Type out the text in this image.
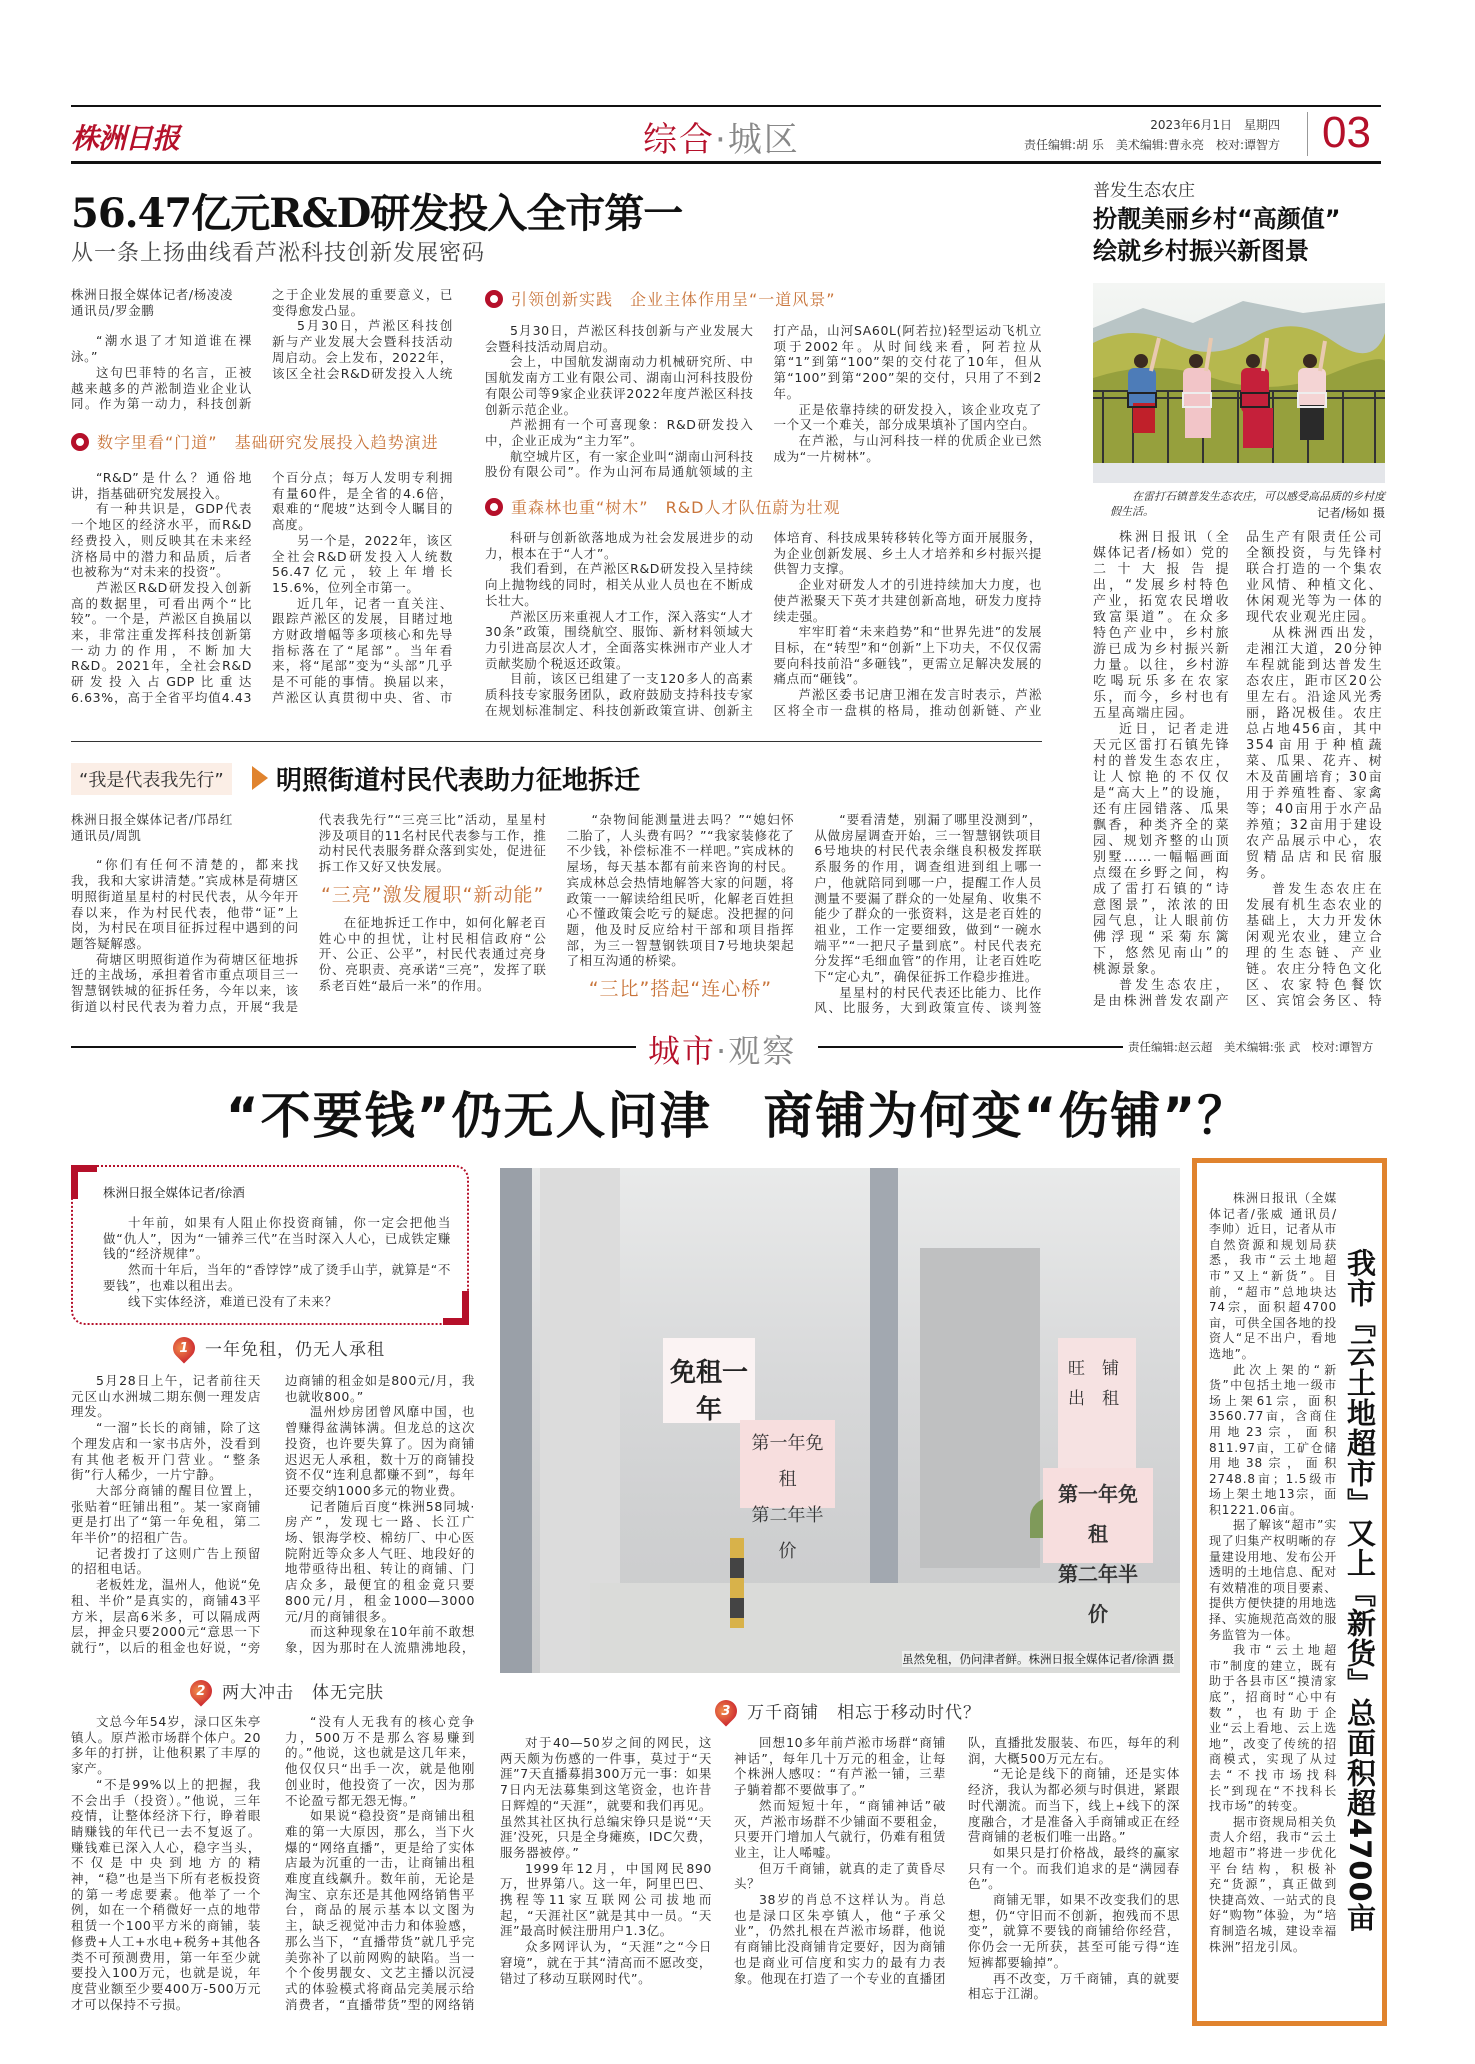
株洲日报	综合·城区	2023年6月1日　星期四
责任编辑:胡 乐　美术编辑:曹永亮　校对:谭智方 03
56.47亿元R&D研发投入全市第一
从一条上扬曲线看芦淞科技创新发展密码

株洲日报全媒体记者/杨凌凌

通讯员/罗金鹏

“潮水退了才知道谁在裸泳。”

这句巴菲特的名言，正被越来越多的芦淞制造业企业认同。作为第一动力，科技创新之于企业发展的重要意义，已变得愈发凸显。

5月30日，芦淞区科技创新与产业发展大会暨科技活动周启动。会上发布，2022年，该区全社会R&D研发投入人统

数字里看“门道”　基础研究发展投入趋势演进

“R&D”是什么？通俗地讲，指基础研究发展投入。

有一种共识是，GDP代表一个地区的经济水平，而R&D经费投入，则反映其在未来经济格局中的潜力和品质，后者也被称为“对未来的投资”。

芦淞区R&D研发投入创新高的数据里，可看出两个“比较”。一个是，芦淞区自换届以来，非常注重发挥科技创新第一动力的作用，不断加大R&D。2021年，全社会R&D研发投入占GDP比重达6.63%，高于全省平均值4.43个百分点；每万人发明专利拥有量60件，是全省的4.6倍，艰难的“爬坡”达到令人瞩目的高度。

另一个是，2022年，该区全社会R&D研发投入人统数56.47亿元，较上年增长15.6%，位列全市第一。

近几年，记者一直关注、跟踪芦淞区的发展，目睹过地方财政增幅等多项核心和先导指标落在了“尾部”。当年看来，将“尾部”变为“头部”几乎是不可能的事情。换届以来，芦淞区认真贯彻中央、省、市

引领创新实践　企业主体作用呈“一道风景”

5月30日，芦淞区科技创新与产业发展大会暨科技活动周启动。

会上，中国航发湖南动力机械研究所、中国航发南方工业有限公司、湖南山河科技股份有限公司等9家企业获评2022年度芦淞区科技创新示范企业。

芦淞拥有一个可喜现象：R&D研发投入中，企业正成为“主力军”。

航空城片区，有一家企业叫“湖南山河科技股份有限公司”。作为山河布局通航领域的主打产品，山河SA60L(阿若拉)轻型运动飞机立项于2002年。从时间线来看，阿若拉从第“1”到第“100”架的交付花了10年，但从第“100”到第“200”架的交付，只用了不到2年。

正是依靠持续的研发投入，该企业攻克了一个又一个难关，部分成果填补了国内空白。

在芦淞，与山河科技一样的优质企业已然成为“一片树林”。

重森林也重“树木”　R&D人才队伍蔚为壮观

科研与创新欲落地成为社会发展进步的动力，根本在于“人才”。

我们看到，在芦淞区R&D研发投入呈持续向上抛物线的同时，相关从业人员也在不断成长壮大。

芦淞区历来重视人才工作，深入落实“人才30条”政策，围绕航空、服饰、新材料领域大力引进高层次人才，全面落实株洲市产业人才贡献奖励个税返还政策。

目前，该区已组建了一支120多人的高素质科技专家服务团队，政府鼓励支持科技专家在规划标准制定、科技创新政策宣讲、创新主体培育、科技成果转移转化等方面开展服务，为企业创新发展、乡土人才培养和乡村振兴提供智力支撑。

企业对研发人才的引进持续加大力度，也使芦淞聚天下英才共建创新高地，研发力度持续走强。

牢牢盯着“未来趋势”和“世界先进”的发展目标，在“转型”和“创新”上下功夫，不仅仅需要向科技前沿“多砸钱”，更需立足解决发展的痛点而“砸钱”。

芦淞区委书记唐卫湘在发言时表示，芦淞区将全市一盘棋的格局，推动创新链、产业

普发生态农庄
扮靓美丽乡村“高颜值”
绘就乡村振兴新图景
在雷打石镇普发生态农庄，可以感受高品质的乡村度假生活。	记者/杨如 摄

株洲日报讯（全媒体记者/杨如）党的二十大报告提出，“发展乡村特色产业，拓宽农民增收致富渠道”。在众多特色产业中，乡村旅游已成为乡村振兴新力量。以往，乡村游吃喝玩乐多在农家乐，而今，乡村也有五星高端庄园。

近日，记者走进天元区雷打石镇先锋村的普发生态农庄，让人惊艳的不仅仅是“高大上”的设施，还有庄园错落、瓜果飘香，种类齐全的菜园、规划齐整的山顶别墅……一幅幅画面点缀在乡野之间，构成了雷打石镇的“诗意图景”，浓浓的田园气息，让人眼前仿佛浮现“采菊东篱下，悠然见南山”的桃源景象。

普发生态农庄，是由株洲普发农副产品生产有限责任公司全额投资，与先锋村联合打造的一个集农业风情、种植文化、休闲观光等为一体的现代农业观光庄园。

从株洲西出发，走湘江大道，20分钟车程就能到达普发生态农庄，距市区20公里左右。沿途风光秀丽，路况极佳。农庄总占地456亩，其中354亩用于种植蔬菜、瓜果、花卉、树木及苗圃培育；30亩用于养殖牲畜、家禽等；40亩用于水产品养殖；32亩用于建设农产品展示中心，农贸精品店和民宿服务。

普发生态农庄在发展有机生态农业的基础上，大力开发休闲观光农业，建立合理的生态链、产业链。农庄分特色文化区、农家特色餐饮区、宾馆会务区、特

“我是代表我先行”	明照街道村民代表助力征地拆迁

株洲日报全媒体记者/邝昂红

通讯员/周凯

“你们有任何不清楚的，都来找我，我和大家讲清楚。”宾成林是荷塘区明照街道星星村的村民代表，从今年开春以来，作为村民代表，他带“证”上岗，为村民在项目征拆过程中遇到的问题答疑解惑。

荷塘区明照街道作为荷塘区征地拆迁的主战场，承担着省市重点项目三一智慧钢铁城的征拆任务，今年以来，该街道以村民代表为着力点，开展“我是代表我先行”“三亮三比”活动，星星村涉及项目的11名村民代表参与工作，推动村民代表服务群众落到实处，促进征拆工作又好又快发展。

“三亮”激发履职“新动能”

在征地拆迁工作中，如何化解老百姓心中的担忧，让村民相信政府“公开、公正、公平”，村民代表通过亮身份、亮职责、亮承诺“三亮”，发挥了联系老百姓“最后一米”的作用。

“杂物间能测量进去吗？”“媳妇怀二胎了，人头费有吗？”“我家装修花了不少钱，补偿标准不一样吧。”宾成林的屋场，每天基本都有前来咨询的村民。宾成林总会热情地解答大家的问题，将政策一一解读给组民听，化解老百姓担心不懂政策会吃亏的疑虑。没把握的问题，他及时反应给村干部和项目指挥部，为三一智慧钢铁项目7号地块架起了相互沟通的桥梁。

“三比”搭起“连心桥”

“要看清楚，别漏了哪里没测到”，从做房屋调查开始，三一智慧钢铁项目6号地块的村民代表余继良积极发挥联系服务的作用，调查组进到组上哪一户，他就陪同到哪一户，提醒工作人员测量不要漏了群众的一处屋角、收集不能少了群众的一张资料，这是老百姓的祖业，工作一定要细致，做到“一碗水端平”“一把尺子量到底”。村民代表充分发挥“毛细血管”的作用，让老百姓吃下“定心丸”，确保征拆工作稳步推进。

星星村的村民代表还比能力、比作风、比服务，大到政策宣传、谈判签

城市·观察	责任编辑:赵云超　美术编辑:张 武　校对:谭智方
“不要钱”仍无人问津　商铺为何变“伤铺”？

株洲日报全媒体记者/徐酒

十年前，如果有人阻止你投资商铺，你一定会把他当做“仇人”，因为“一铺养三代”在当时深入人心，已成铁定赚钱的“经济规律”。

然而十年后，当年的“香饽饽”成了烫手山芋，就算是“不要钱”，也难以租出去。

线下实体经济，难道已没有了未来？

1 一年免租，仍无人承租

5月28日上午，记者前往天元区山水洲城二期东侧一理发店理发。

“一溜”长长的商铺，除了这个理发店和一家书店外，没看到有其他老板开门营业。“整条街”行人稀少，一片宁静。

大部分商铺的醒目位置上，张贴着“旺铺出租”。某一家商铺更是打出了“第一年免租，第二年半价”的招租广告。

记者拨打了这则广告上预留的招租电话。

老板姓龙，温州人，他说“免租、半价”是真实的，商铺43平方米，层高6米多，可以隔成两层，押金只要2000元“意思一下就行”，以后的租金也好说，“旁边商铺的租金如是800元/月，我也就收800。”

温州炒房团曾风靡中国，也曾赚得盆满钵满。但龙总的这次投资，也许要失算了。因为商铺迟迟无人承租，数十万的商铺投资不仅“连利息都赚不到”，每年还要交纳1000多元的物业费。

记者随后百度“株洲58同城·房产”，发现七一路、长江广场、银海学校、棉纺厂、中心医院附近等众多人气旺、地段好的地带亟待出租、转让的商铺、门店众多，最便宜的租金竟只要800元/月，租金1000—3000元/月的商铺很多。

而这种现象在10年前不敢想象，因为那时在人流鼎沸地段，

2 两大冲击　体无完肤

文总今年54岁，渌口区朱亭镇人。原芦淞市场群个体户。20多年的打拼，让他积累了丰厚的家产。

“不是99%以上的把握，我不会出手（投资）。”他说，三年疫情，让整体经济下行，睁着眼睛赚钱的年代已一去不复返了。赚钱难已深入人心，稳字当头，不仅是中央到地方的精神，“稳”也是当下所有老板投资的第一考虑要素。他举了一个例，如在一个稍微好一点的地带租赁一个100平方米的商铺，装修费+人工+水电+税务+其他各类不可预测费用，第一年至少就要投入100万元，也就是说，年度营业额至少要400万-500万元才可以保持不亏损。

“没有人无我有的核心竞争力，500万不是那么容易赚到的。”他说，这也就是这几年来，他仅仅只“出手一次，就是他刚创业时，他投资了一次，因为那不论盈亏都无怨无悔。”

如果说“稳投资”是商铺出租难的第一大原因，那么，当下火爆的“网络直播”，更是给了实体店最为沉重的一击，让商铺出租难度直线飙升。数年前，无论是淘宝、京东还是其他网络销售平台，商品的展示基本以文图为主，缺乏视觉冲击力和体验感，那么当下，“直播带货”就几乎完美弥补了以前网购的缺陷。当一个个俊男靓女、文艺主播以沉浸式的体验模式将商品完美展示给消费者，“直播带货”型的网络销

免租一年
第一年免租
第二年半价
旺　铺
出　租
第一年免租
第二年半价
虽然免租，仍问津者鲜。株洲日报全媒体记者/徐酒 摄
3 万千商铺　相忘于移动时代？

对于40—50岁之间的网民，这两天颇为伤感的一件事，莫过于“天涯”7天直播募捐300万元一事：如果7日内无法募集到这笔资金，也许昔日辉煌的“天涯”，就要和我们再见。虽然其社区执行总编宋铮只是说“‘天涯’没死，只是全身瘫痪，IDC欠费，服务器被停。”

1999年12月，中国网民890万，世界第八。这一年，阿里巴巴、携程等11家互联网公司拔地而起，“天涯社区”就是其中一员。“天涯”最高时候注册用户1.3亿。

众多网评认为，“天涯”之“今日窘境”，就在于其“清高而不愿改变，错过了移动互联网时代”。

回想10多年前芦淞市场群“商铺神话”，每年几十万元的租金，让每个株洲人感叹：“有芦淞一铺，三辈子躺着都不要做事了。”

然而短短十年，“商铺神话”破灭，芦淞市场群不少铺面不要租金，只要开门增加人气就行，仍难有租赁业主，让人唏嘘。

但万千商铺，就真的走了黄昏尽头？

38岁的肖总不这样认为。肖总也是渌口区朱亭镇人，他“子承父业”，仍然扎根在芦淞市场群，他说有商铺比没商铺肯定要好，因为商铺也是商业可信度和实力的最有力表象。他现在打造了一个专业的直播团队，直播批发服装、布匹，每年的利润，大概500万元左右。

“无论是线下的商铺，还是实体经济，我认为都必须与时俱进，紧跟时代潮流。而当下，线上+线下的深度融合，才是准备入手商铺或正在经营商铺的老板们唯一出路。”

如果只是打价格战，最终的赢家只有一个。而我们追求的是“满园春色”。

商铺无罪，如果不改变我们的思想，仍“守旧而不创新，抱残而不思变”，就算不要钱的商铺给你经营，你仍会一无所获，甚至可能亏得“连短裤都要输掉”。

再不改变，万千商铺，真的就要相忘于江湖。

株洲日报讯（全媒体记者/张威 通讯员/李帅）近日，记者从市自然资源和规划局获悉，我市“云土地超市”又上“新货”。目前，“超市”总地块达74宗，面积超4700亩，可供全国各地的投资人“足不出户，看地选地”。

此次上架的“新货”中包括土地一级市场上架61宗，面积3560.77亩，含商住用地23宗，面积811.97亩，工矿仓储用地38宗，面积2748.8亩；1.5级市场上架土地13宗，面积1221.06亩。

据了解该“超市”实现了归集产权明晰的存量建设用地、发布公开透明的土地信息、配对有效精准的项目要素、提供方便快捷的用地选择、实施规范高效的服务监管为一体。

我市“云土地超市”制度的建立，既有助于各县市区“摸清家底”，招商时“心中有数”，也有助于企业“云上看地、云上选地”，改变了传统的招商模式，实现了从过去“不找市场找科长”到现在“不找科长找市场”的转变。

据市资规局相关负责人介绍，我市“云土地超市”将进一步优化平台结构，积极补充“货源”，真正做到快捷高效、一站式的良好“购物”体验，为“培育制造名城，建设幸福株洲”招龙引凤。

我市『云土地超市』又上『新货』总面积超4700亩
